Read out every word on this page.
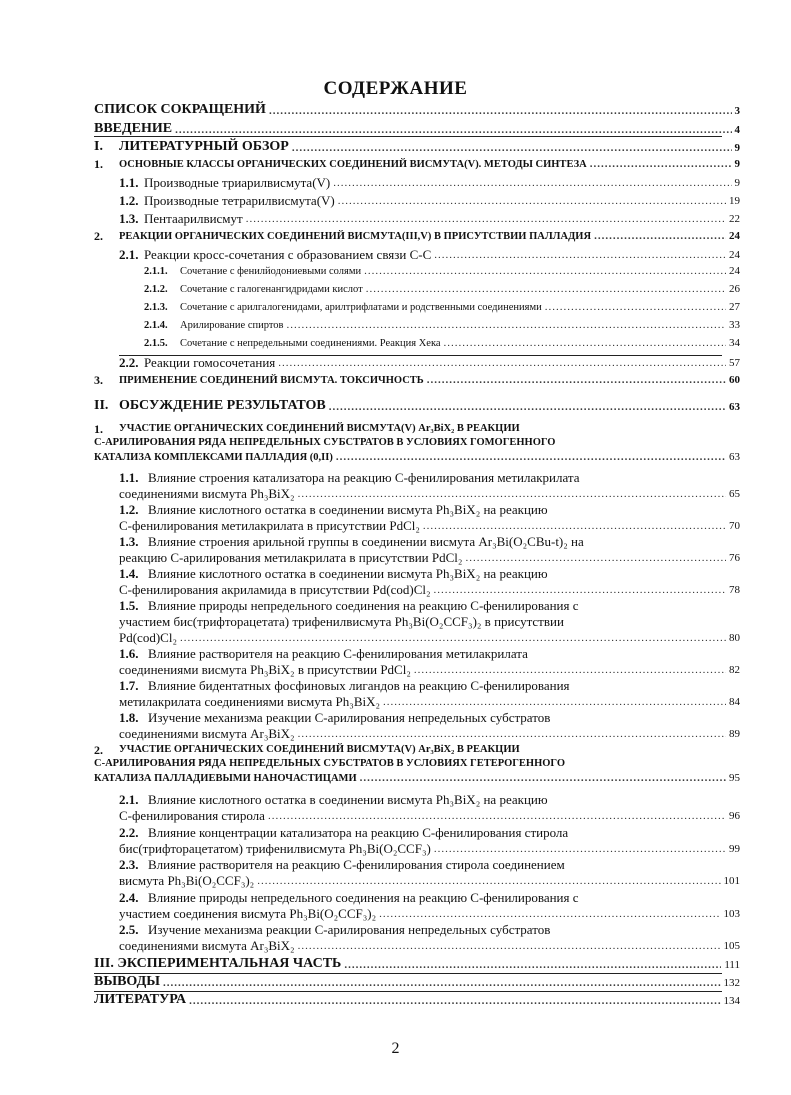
СОДЕРЖАНИЕ
СПИСОК СОКРАЩЕНИЙ .....	3
ВВЕДЕНИЕ .....	4
I.	ЛИТЕРАТУРНЫЙ ОБЗОР .....	9
1.	ОСНОВНЫЕ КЛАССЫ ОРГАНИЧЕСКИХ СОЕДИНЕНИЙ ВИСМУТА(V). МЕТОДЫ СИНТЕЗА .....	9
1.1. Производные триарилвисмута(V) .....	9
1.2. Производные тетрарилвисмута(V) .....	19
1.3. Пентаарилвисмут .....	22
2.	РЕАКЦИИ ОРГАНИЧЕСКИХ СОЕДИНЕНИЙ ВИСМУТА(III,V) В ПРИСУТСТВИИ ПАЛЛАДИЯ .....	24
2.1. Реакции кросс-сочетания с образованием связи С-С .....	24
2.1.1.	Сочетание с фенилйодониевыми солями .....	24
2.1.2.	Сочетание с галогенангидридами кислот .....	26
2.1.3.	Сочетание с арилгалогенидами, арилтрифлатами и родственными соединениями .....	27
2.1.4.	Арилирование спиртов .....	33
2.1.5.	Сочетание с непредельными соединениями. Реакция Хека .....	34
2.2. Реакции гомосочетания .....	57
3.	ПРИМЕНЕНИЕ СОЕДИНЕНИЙ ВИСМУТА. ТОКСИЧНОСТЬ .....	60
II. ОБСУЖДЕНИЕ РЕЗУЛЬТАТОВ .....	63
1. УЧАСТИЕ ОРГАНИЧЕСКИХ СОЕДИНЕНИЙ ВИСМУТА(V) Ar₃BiX₂ В РЕАКЦИИ
С-АРИЛИРОВАНИЯ РЯДА НЕПРЕДЕЛЬНЫХ СУБСТРАТОВ В УСЛОВИЯХ ГОМОГЕННОГО
КАТАЛИЗА КОМПЛЕКСАМИ ПАЛЛАДИЯ (0,II) .....	63
1.1. Влияние строения катализатора на реакцию С-фенилирования метилакрилата
соединениями висмута Ph₃BiX₂ .....	65
1.2. Влияние кислотного остатка в соединении висмута Ph₃BiX₂ на реакцию
С-фенилирования метилакрилата в присутствии PdCl₂ .....	70
1.3. Влияние строения арильной группы в соединении висмута Ar₃Bi(O₂CBu-t)₂ на
реакцию С-арилирования метилакрилата в присутствии PdCl₂ .....	76
1.4. Влияние кислотного остатка в соединении висмута Ph₃BiX₂ на реакцию
С-фенилирования акриламида в присутствии Pd(cod)Cl₂ .....	78
1.5. Влияние природы непредельного соединения на реакцию С-фенилирования с
участием бис(трифторацетата) трифенилвисмута Ph₃Bi(O₂CCF₃)₂ в присутствии
Pd(cod)Cl₂ .....	80
1.6. Влияние растворителя на реакцию С-фенилирования метилакрилата
соединениями висмута Ph₃BiX₂ в присутствии PdCl₂ .....	82
1.7. Влияние бидентатных фосфиновых лигандов на реакцию С-фенилирования
метилакрилата соединениями висмута Ph₃BiX₂ .....	84
1.8. Изучение механизма реакции С-арилирования непредельных субстратов
соединениями висмута Ar₃BiX₂ .....	89
2. УЧАСТИЕ ОРГАНИЧЕСКИХ СОЕДИНЕНИЙ ВИСМУТА(V) Ar₃BiX₂ В РЕАКЦИИ
С-АРИЛИРОВАНИЯ РЯДА НЕПРЕДЕЛЬНЫХ СУБСТРАТОВ В УСЛОВИЯХ ГЕТЕРОГЕННОГО
КАТАЛИЗА ПАЛЛАДИЕВЫМИ НАНОЧАСТИЦАМИ .....	95
2.1. Влияние кислотного остатка в соединении висмута Ph₃BiX₂ на реакцию
С-фенилирования стирола .....	96
2.2. Влияние концентрации катализатора на реакцию С-фенилирования стирола
бис(трифторацетатом) трифенилвисмута Ph₃Bi(O₂CCF₃) .....	99
2.3. Влияние растворителя на реакцию С-фенилирования стирола соединением
висмута Ph₃Bi(O₂CCF₃)₂ .....	101
2.4. Влияние природы непредельного соединения на реакцию С-фенилирования с
участием соединения висмута Ph₃Bi(O₂CCF₃)₂ .....	103
2.5. Изучение механизма реакции С-арилирования непредельных субстратов
соединениями висмута Ar₃BiX₂ .....	105
III. ЭКСПЕРИМЕНТАЛЬНАЯ ЧАСТЬ .....	111
ВЫВОДЫ .....	132
ЛИТЕРАТУРА .....	134
2
